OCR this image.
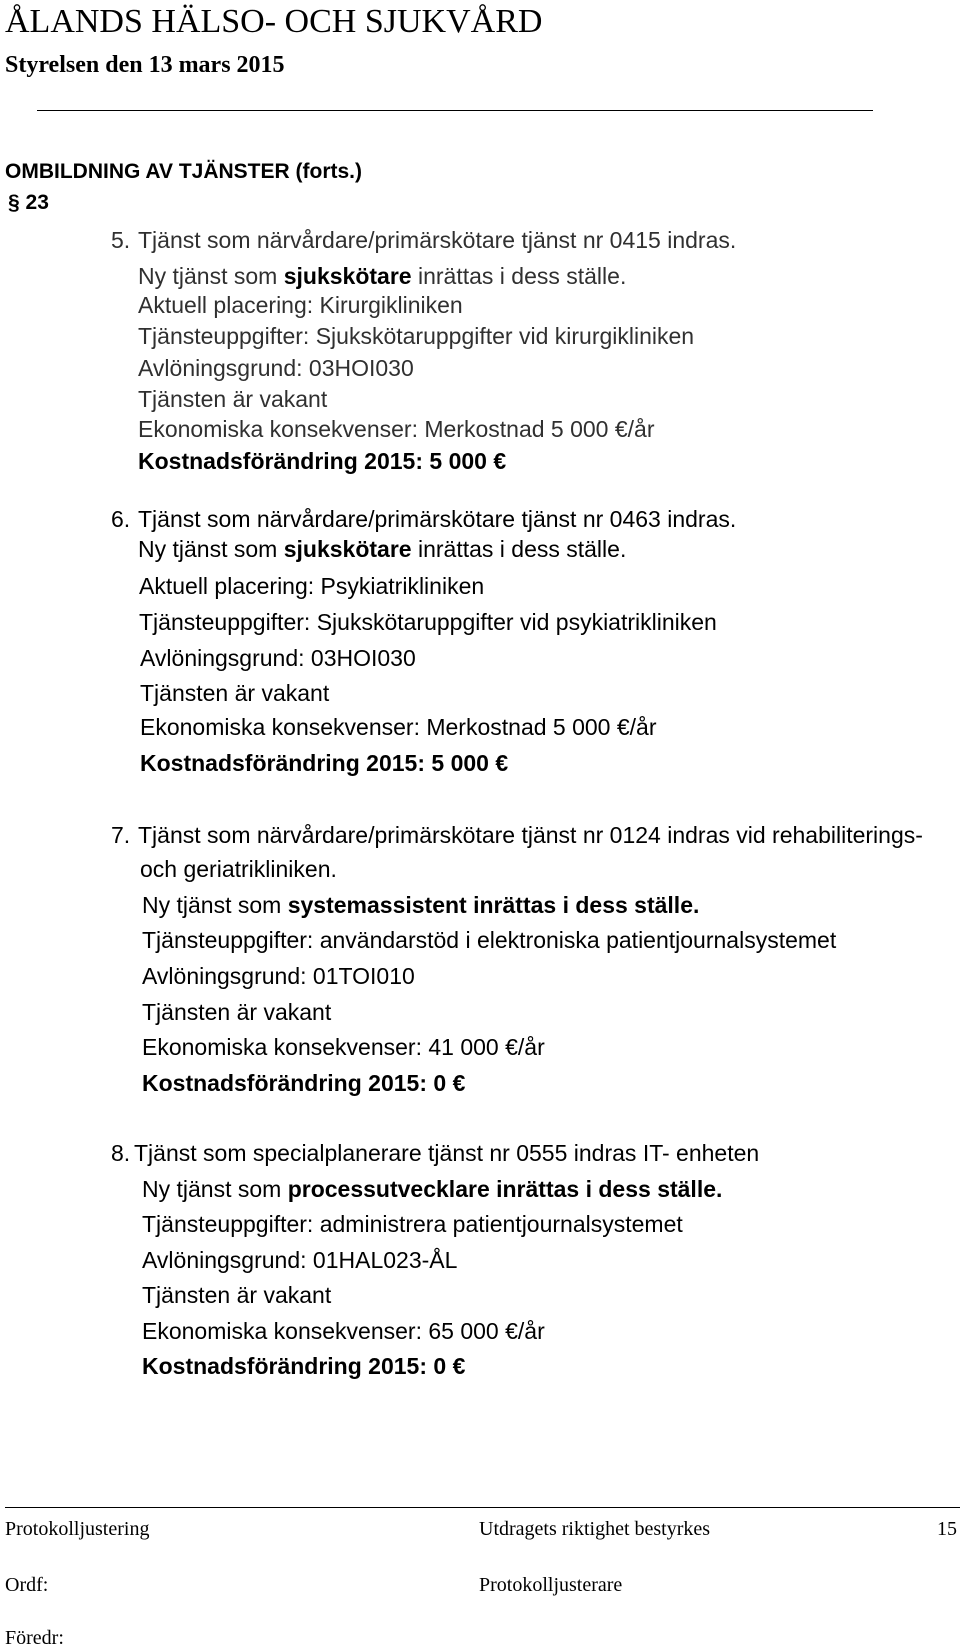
ÅLANDS HÄLSO- OCH SJUKVÅRD
Styrelsen den 13 mars 2015
OMBILDNING AV TJÄNSTER (forts.)
§ 23
5. Tjänst som närvårdare/primärskötare tjänst nr 0415 indras.
Ny tjänst som sjukskötare inrättas i dess ställe.
Aktuell placering: Kirurgikliniken
Tjänsteuppgifter: Sjukskötaruppgifter vid kirurgikliniken
Avlöningsgrund: 03HOI030
Tjänsten är vakant
Ekonomiska konsekvenser: Merkostnad 5 000 €/år
Kostnadsförändring 2015: 5 000 €
6. Tjänst som närvårdare/primärskötare tjänst nr 0463 indras.
Ny tjänst som sjukskötare inrättas i dess ställe.
Aktuell placering: Psykiatrikliniken
Tjänsteuppgifter: Sjukskötaruppgifter vid psykiatrikliniken
Avlöningsgrund: 03HOI030
Tjänsten är vakant
Ekonomiska konsekvenser: Merkostnad 5 000 €/år
Kostnadsförändring 2015: 5 000 €
7. Tjänst som närvårdare/primärskötare tjänst nr 0124 indras vid rehabiliterings-
och geriatrikliniken.
Ny tjänst som systemassistent inrättas i dess ställe.
Tjänsteuppgifter: användarstöd i elektroniska patientjournalsystemet
Avlöningsgrund: 01TOI010
Tjänsten är vakant
Ekonomiska konsekvenser: 41 000 €/år
Kostnadsförändring 2015: 0 €
8. Tjänst som specialplanerare tjänst nr 0555 indras IT- enheten
Ny tjänst som processutvecklare inrättas i dess ställe.
Tjänsteuppgifter: administrera patientjournalsystemet
Avlöningsgrund: 01HAL023-ÅL
Tjänsten är vakant
Ekonomiska konsekvenser: 65 000 €/år
Kostnadsförändring 2015: 0 €
Protokolljustering	Utdragets riktighet bestyrkes	15
Ordf:	Protokolljusterare
Föredr:
